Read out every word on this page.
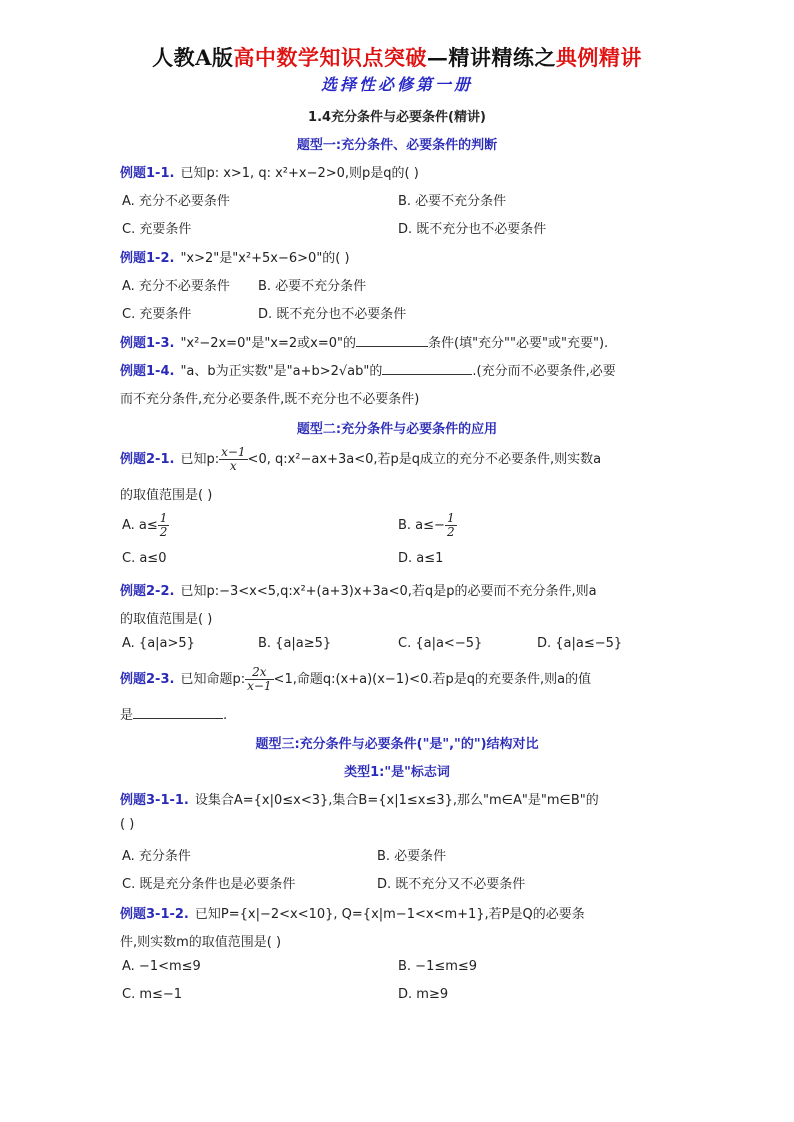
人教A版高中数学知识点突破—精讲精练之典例精讲
选择性必修第一册
1.4充分条件与必要条件(精讲)
题型一:充分条件、必要条件的判断
例题1-1. 已知p: x>1, q: x²+x−2>0,则p是q的( )
A. 充分不必要条件	B. 必要不充分条件
C. 充要条件	D. 既不充分也不必要条件
例题1-2. "x>2"是"x²+5x−6>0"的( )
A. 充分不必要条件 B. 必要不充分条件
C. 充要条件	D. 既不充分也不必要条件
例题1-3. "x²−2x=0"是"x=2或x=0"的	条件(填"充分""必要"或"充要").
例题1-4. "a、b为正实数"是"a+b>2√ab"的	.(充分而不必要条件,必要
而不充分条件,充分必要条件,既不充分也不必要条件)
题型二:充分条件与必要条件的应用
例题2-1. 已知p: $\frac{x-1}{x} <0$, q:x²−ax+3a<0,若p是q成立的充分不必要条件,则实数a
的取值范围是( )
A. $a\le \frac{1}{2}$	B. $a\le- \frac{1}{2}$
C. a≤0	D. a≤1
例题2-2. 已知p:−3<x<5,q:x²+(a+3)x+3a<0,若q是p的必要而不充分条件,则a
的取值范围是( )
A. {a|a>5}	B. {a|a≥5}	C. {a|a<−5}	D. {a|a≤−5}
例题2-3. 已知命题p: $\frac{2x}{x-1} <1$,命题q:(x+a)(x−1)<0.若p是q的充要条件,则a的值
是	.
题型三:充分条件与必要条件("是","的")结构对比
类型1:"是"标志词
例题3-1-1. 设集合A={x|0≤x<3},集合B={x|1≤x≤3},那么"m∈A"是"m∈B"的
( )
A. 充分条件	B. 必要条件
C. 既是充分条件也是必要条件	D. 既不充分又不必要条件
例题3-1-2. 已知P={x|−2<x<10}, Q={x|m−1<x<m+1},若P是Q的必要条
件,则实数m的取值范围是( )
A. −1<m≤9	B. −1≤m≤9
C. m≤−1	D. m≥9
